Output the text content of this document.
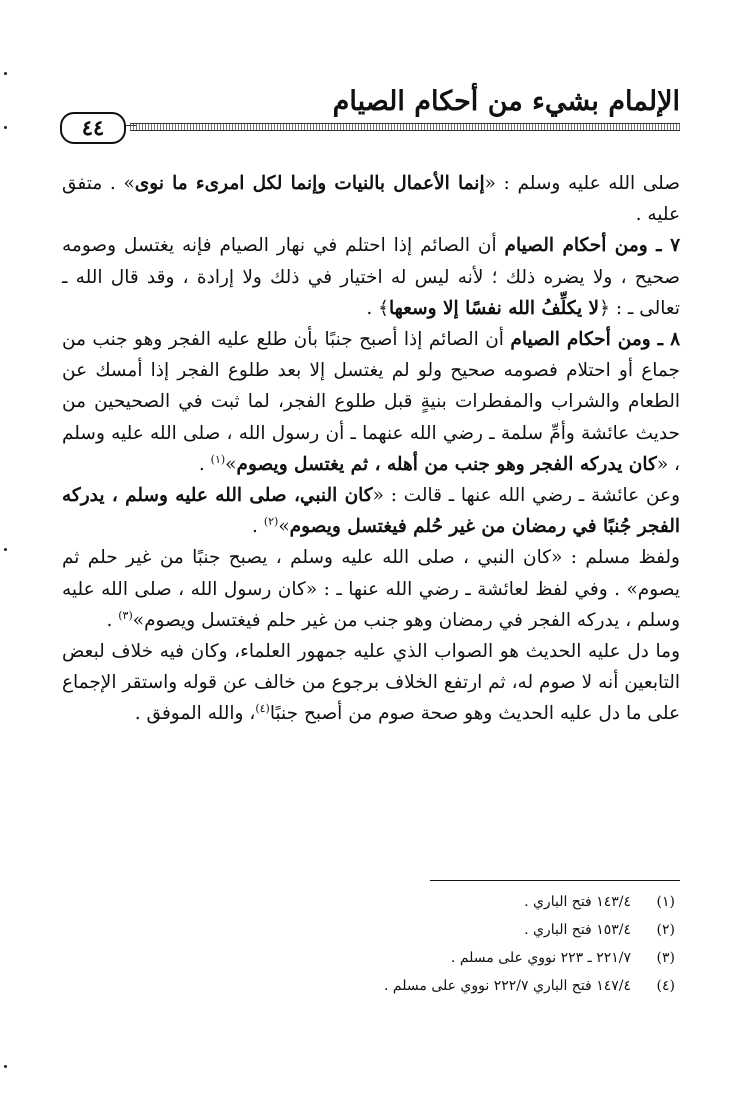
الإلمام بشيء من أحكام الصيام
٤٤

صلى الله عليه وسلم : «إنما الأعمال بالنيات وإنما لكل امرىء ما نوى» . متفق عليه .

٧ ـ ومن أحكام الصيام أن الصائم إذا احتلم في نهار الصيام فإنه يغتسل وصومه صحيح ، ولا يضره ذلك ؛ لأنه ليس له اختيار في ذلك ولا إرادة ، وقد قال الله ـ تعالى ـ : ﴿لا يكلِّفُ الله نفسًا إلا وسعها﴾ .

٨ ـ ومن أحكام الصيام أن الصائم إذا أصبح جنبًا بأن طلع عليه الفجر وهو جنب من جماع أو احتلام فصومه صحيح ولو لم يغتسل إلا بعد طلوع الفجر إذا أمسك عن الطعام والشراب والمفطرات بنيةٍ قبل طلوع الفجر، لما ثبت في الصحيحين من حديث عائشة وأمِّ سلمة ـ رضي الله عنهما ـ أن رسول الله ، صلى الله عليه وسلم ، «كان يدركه الفجر وهو جنب من أهله ، ثم يغتسل ويصوم»$^{(١)}$ .

وعن عائشة ـ رضي الله عنها ـ قالت : «كان النبي، صلى الله عليه وسلم ، يدركه الفجر جُنبًا في رمضان من غير حُلم فيغتسل ويصوم»$^{(٢)}$ .

ولفظ مسلم : «كان النبي ، صلى الله عليه وسلم ، يصبح جنبًا من غير حلم ثم يصوم» . وفي لفظ لعائشة ـ رضي الله عنها ـ : «كان رسول الله ، صلى الله عليه وسلم ، يدركه الفجر في رمضان وهو جنب من غير حلم فيغتسل ويصوم»$^{(٣)}$ .

وما دل عليه الحديث هو الصواب الذي عليه جمهور العلماء، وكان فيه خلاف لبعض التابعين أنه لا صوم له، ثم ارتفع الخلاف برجوع من خالف عن قوله واستقر الإجماع على ما دل عليه الحديث وهو صحة صوم من أصبح جنبًا$^{(٤)}$، والله الموفق .

(١)١٤٣/٤ فتح الباري .

(٢)١٥٣/٤ فتح الباري .

(٣)٢٢١/٧ ـ ٢٢٣ نووي على مسلم .

(٤)١٤٧/٤ فتح الباري ٢٢٢/٧ نووي على مسلم .
